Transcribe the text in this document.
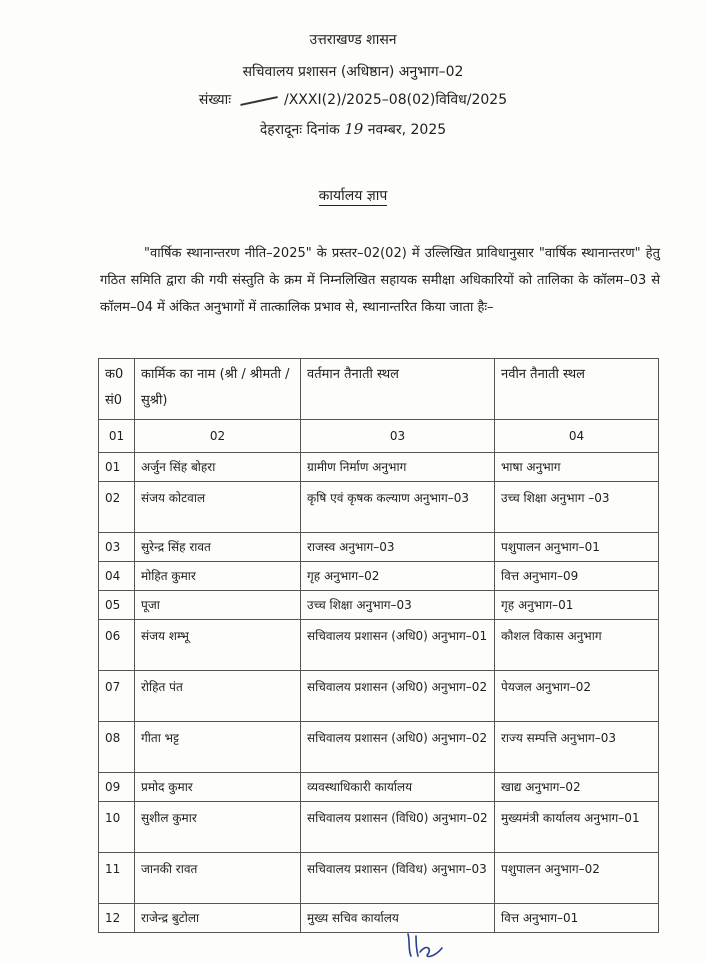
उत्तराखण्ड शासन
सचिवालय प्रशासन (अधिष्ठान) अनुभाग–02
संख्याः	/XXXI(2)/2025–08(02)विविध/2025
देहरादूनः दिनांक 19 नवम्बर, 2025
कार्यालय ज्ञाप

"वार्षिक स्थानान्तरण नीति–2025" के प्रस्तर–02(02) में उल्लिखित प्राविधानुसार "वार्षिक स्थानान्तरण" हेतु गठित समिति द्वारा की गयी संस्तुति के क्रम में निम्नलिखित सहायक समीक्षा अधिकारियों को तालिका के कॉलम–03 से कॉलम–04 में अंकित अनुभागों में तात्कालिक प्रभाव से, स्थानान्तरित किया जाता हैः–

क0 सं0	कार्मिक का नाम (श्री / श्रीमती / सुश्री)	वर्तमान तैनाती स्थल	नवीन तैनाती स्थल
01	02	03	04
01	अर्जुन सिंह बोहरा	ग्रामीण निर्माण अनुभाग	भाषा अनुभाग
02	संजय कोटवाल	कृषि एवं कृषक कल्याण अनुभाग–03	उच्च शिक्षा अनुभाग –03
03	सुरेन्द्र सिंह रावत	राजस्व अनुभाग–03	पशुपालन अनुभाग–01
04	मोहित कुमार	गृह अनुभाग–02	वित्त अनुभाग–09
05	पूजा	उच्च शिक्षा अनुभाग–03	गृह अनुभाग–01
06	संजय शम्भू	सचिवालय प्रशासन (अधि0) अनुभाग–01	कौशल विकास अनुभाग
07	रोहित पंत	सचिवालय प्रशासन (अधि0) अनुभाग–02	पेयजल अनुभाग–02
08	गीता भट्ट	सचिवालय प्रशासन (अधि0) अनुभाग–02	राज्य सम्पत्ति अनुभाग–03
09	प्रमोद कुमार	व्यवस्थाधिकारी कार्यालय	खाद्य अनुभाग–02
10	सुशील कुमार	सचिवालय प्रशासन (विधि0) अनुभाग–02	मुख्यमंत्री कार्यालय अनुभाग–01
11	जानकी रावत	सचिवालय प्रशासन (विविध) अनुभाग–03	पशुपालन अनुभाग–02
12	राजेन्द्र बुटोला	मुख्य सचिव कार्यालय	वित्त अनुभाग–01
